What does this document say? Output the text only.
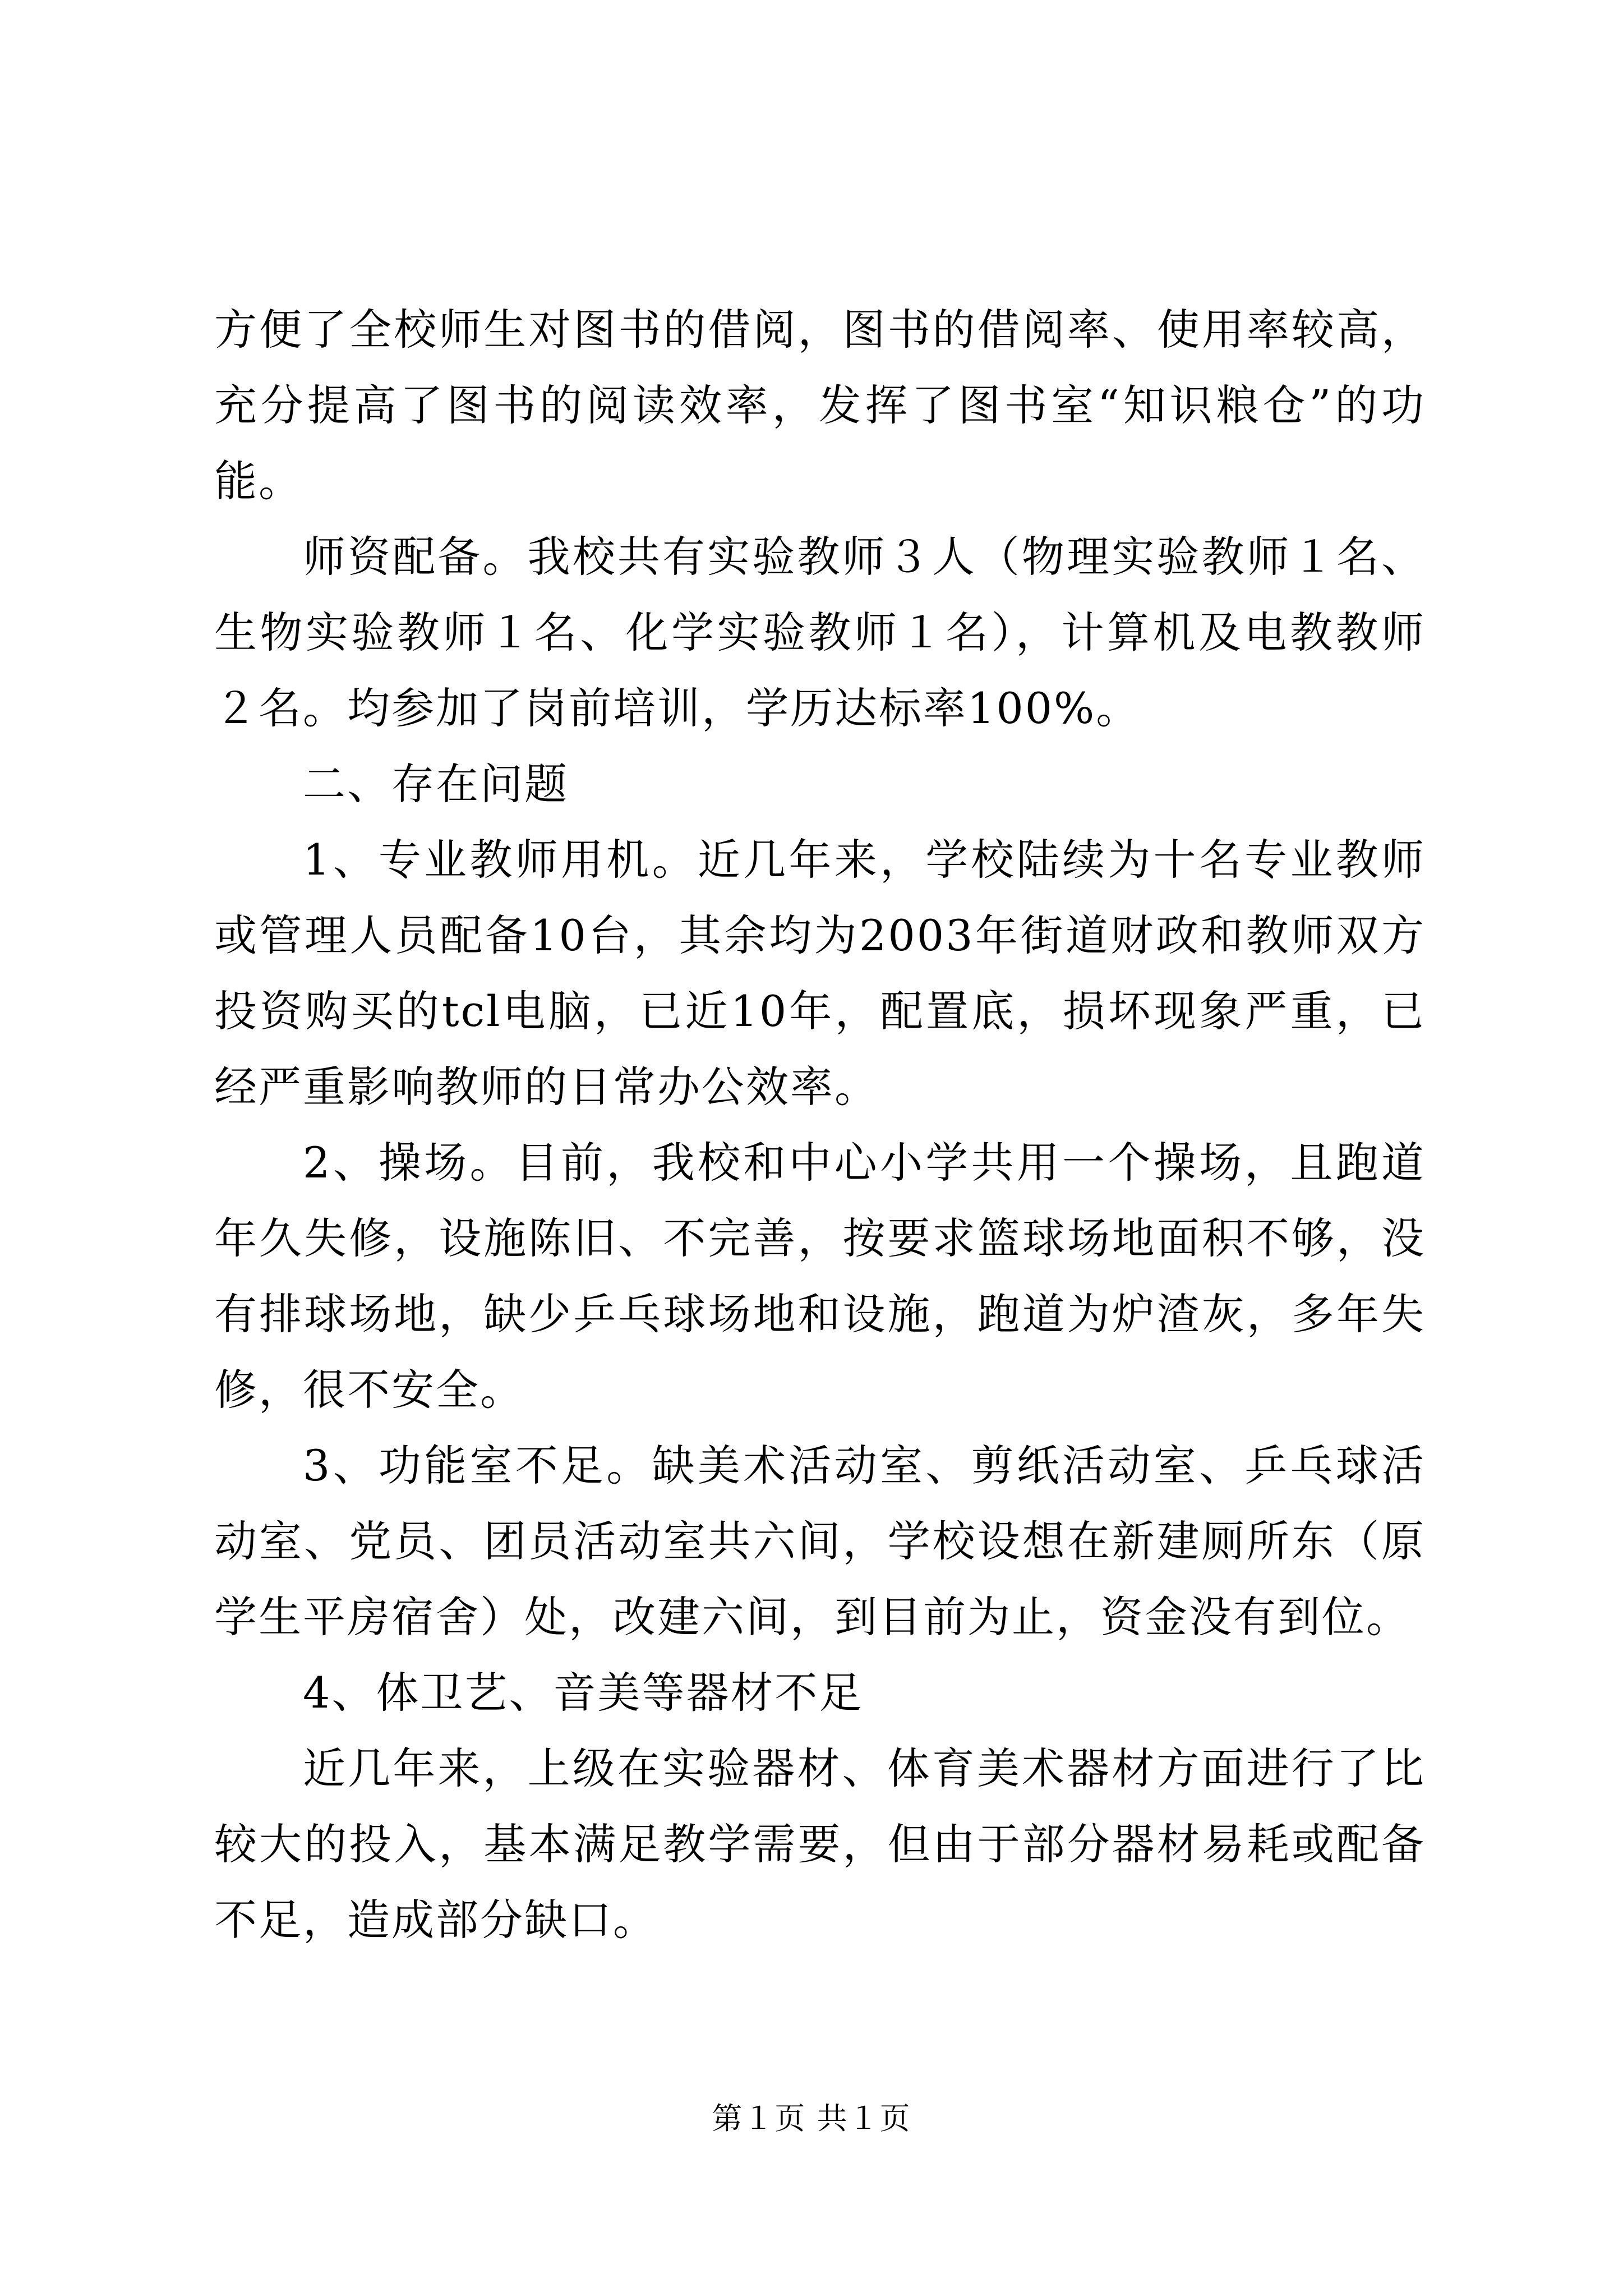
方便了全校师生对图书的借阅，图书的借阅率、使用率较高，充分提高了图书的阅读效率，发挥了图书室“知识粮仓”的功能。

师资配备。我校共有实验教师３人（物理实验教师１名、生物实验教师１名、化学实验教师１名），计算机及电教教师２名。均参加了岗前培训，学历达标率100%。

二、存在问题

1、专业教师用机。近几年来，学校陆续为十名专业教师或管理人员配备10台，其余均为2003年街道财政和教师双方投资购买的tcl电脑，已近10年，配置底，损坏现象严重，已经严重影响教师的日常办公效率。

2、操场。目前，我校和中心小学共用一个操场，且跑道年久失修，设施陈旧、不完善，按要求篮球场地面积不够，没有排球场地，缺少乒乓球场地和设施，跑道为炉渣灰，多年失修，很不安全。

3、功能室不足。缺美术活动室、剪纸活动室、乒乓球活动室、党员、团员活动室共六间，学校设想在新建厕所东（原学生平房宿舍）处，改建六间，到目前为止，资金没有到位。

4、体卫艺、音美等器材不足

近几年来，上级在实验器材、体育美术器材方面进行了比较大的投入，基本满足教学需要，但由于部分器材易耗或配备不足，造成部分缺口。

第１页 共１页
